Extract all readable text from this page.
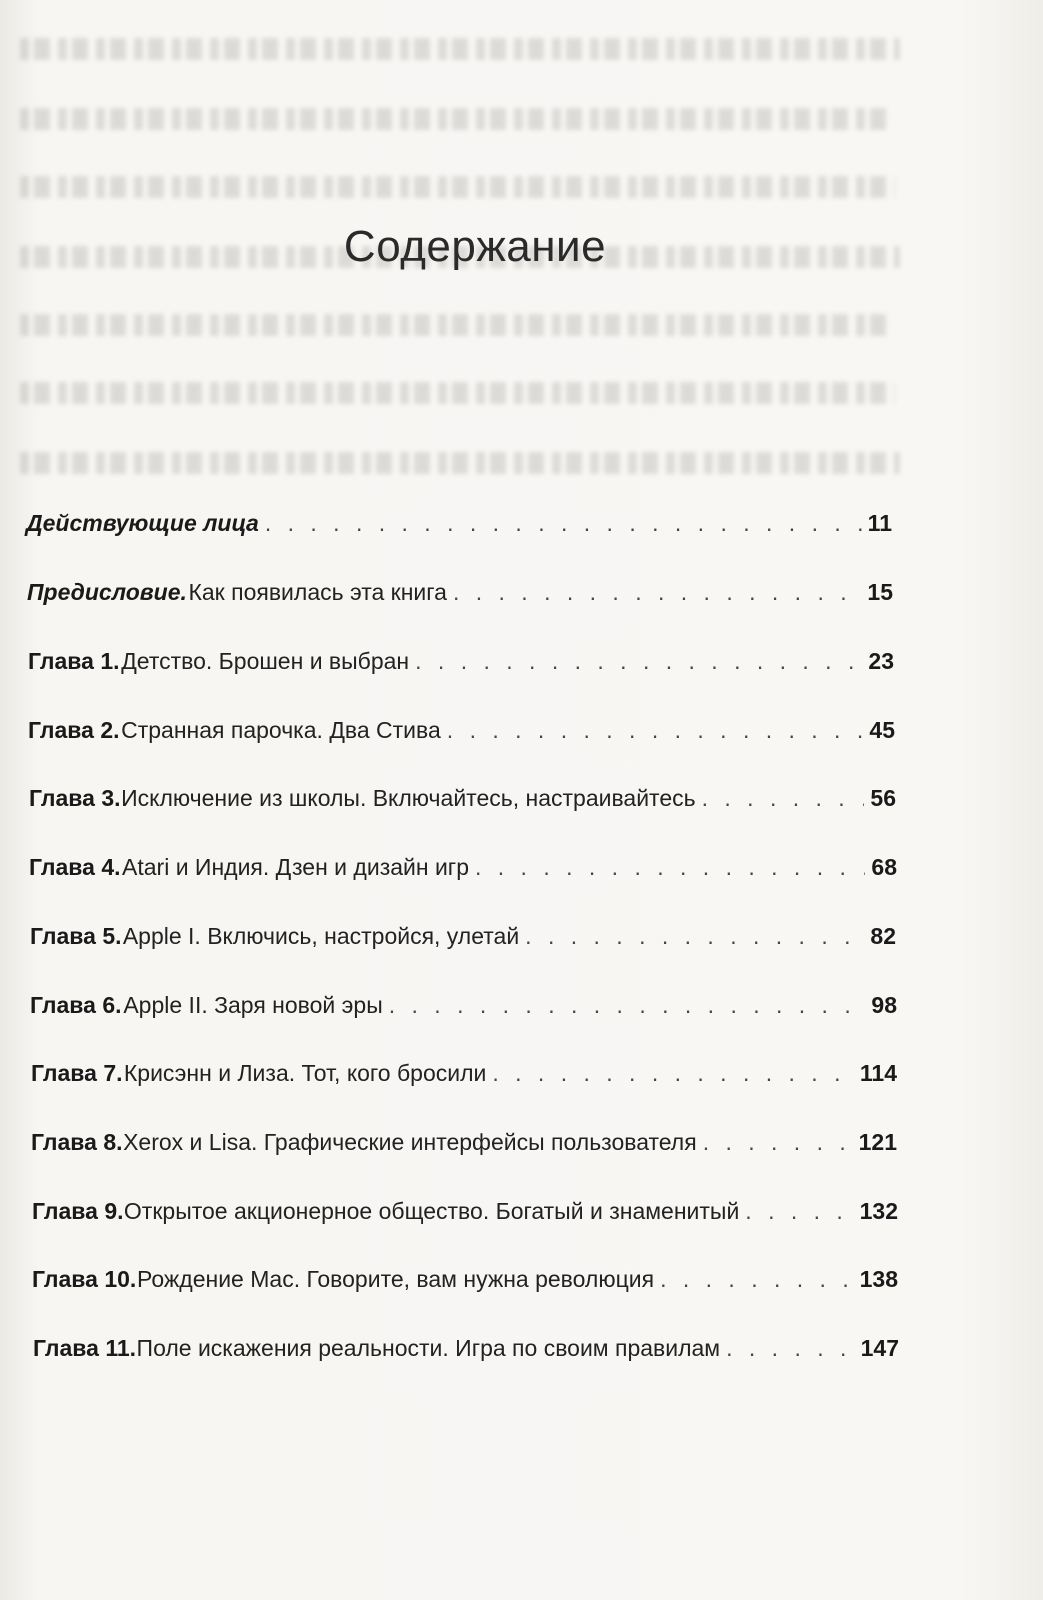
Содержание
Действующие лица . . .	11
Предисловие. Как появилась эта книга . . .	15
Глава 1. Детство. Брошен и выбран . . .	23
Глава 2. Странная парочка. Два Стива . . .	45
Глава 3. Исключение из школы. Включайтесь, настраивайтесь . . .	56
Глава 4. Atari и Индия. Дзен и дизайн игр . . .	68
Глава 5. Apple I. Включись, настройся, улетай . . .	82
Глава 6. Apple II. Заря новой эры . . .	98
Глава 7. Крисэнн и Лиза. Тот, кого бросили . . .	114
Глава 8. Xerox и Lisa. Графические интерфейсы пользователя . . .	121
Глава 9. Открытое акционерное общество. Богатый и знаменитый . . .	132
Глава 10. Рождение Mac. Говорите, вам нужна революция . . .	138
Глава 11. Поле искажения реальности. Игра по своим правилам . . .	147
